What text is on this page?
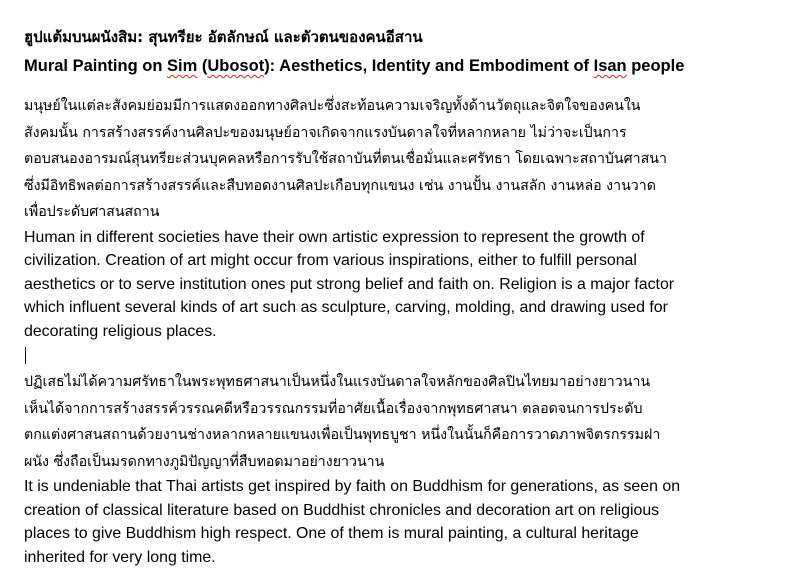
ฮูปแต้มบนผนังสิม: สุนทรียะ อัตลักษณ์ และตัวตนของคนอีสาน

Mural Painting on Sim (Ubosot): Aesthetics, Identity and Embodiment of Isan people

มนุษย์ในแต่ละสังคมย่อมมีการแสดงออกทางศิลปะซึ่งสะท้อนความเจริญทั้งด้านวัตถุและจิตใจของคนใน
สังคมนั้น การสร้างสรรค์งานศิลปะของมนุษย์อาจเกิดจากแรงบันดาลใจที่หลากหลาย ไม่ว่าจะเป็นการ
ตอบสนองอารมณ์สุนทรียะส่วนบุคคลหรือการรับใช้สถาบันที่ตนเชื่อมั่นและศรัทธา โดยเฉพาะสถาบันศาสนา
ซึ่งมีอิทธิพลต่อการสร้างสรรค์และสืบทอดงานศิลปะเกือบทุกแขนง เช่น งานปั้น งานสลัก งานหล่อ งานวาด
เพื่อประดับศาสนสถาน
Human in different societies have their own artistic expression to represent the growth of
civilization. Creation of art might occur from various inspirations, either to fulfill personal
aesthetics or to serve institution ones put strong belief and faith on. Religion is a major factor
which influent several kinds of art such as sculpture, carving, molding, and drawing used for
decorating religious places.
ปฏิเสธไม่ได้ความศรัทธาในพระพุทธศาสนาเป็นหนึ่งในแรงบันดาลใจหลักของศิลปินไทยมาอย่างยาวนาน
เห็นได้จากการสร้างสรรค์วรรณคดีหรือวรรณกรรมที่อาศัยเนื้อเรื่องจากพุทธศาสนา ตลอดจนการประดับ
ตกแต่งศาสนสถานด้วยงานช่างหลากหลายแขนงเพื่อเป็นพุทธบูชา หนึ่งในนั้นก็คือการวาดภาพจิตรกรรมฝา
ผนัง ซึ่งถือเป็นมรดกทางภูมิปัญญาที่สืบทอดมาอย่างยาวนาน
It is undeniable that Thai artists get inspired by faith on Buddhism for generations, as seen on
creation of classical literature based on Buddhist chronicles and decoration art on religious
places to give Buddhism high respect. One of them is mural painting, a cultural heritage
inherited for very long time.
